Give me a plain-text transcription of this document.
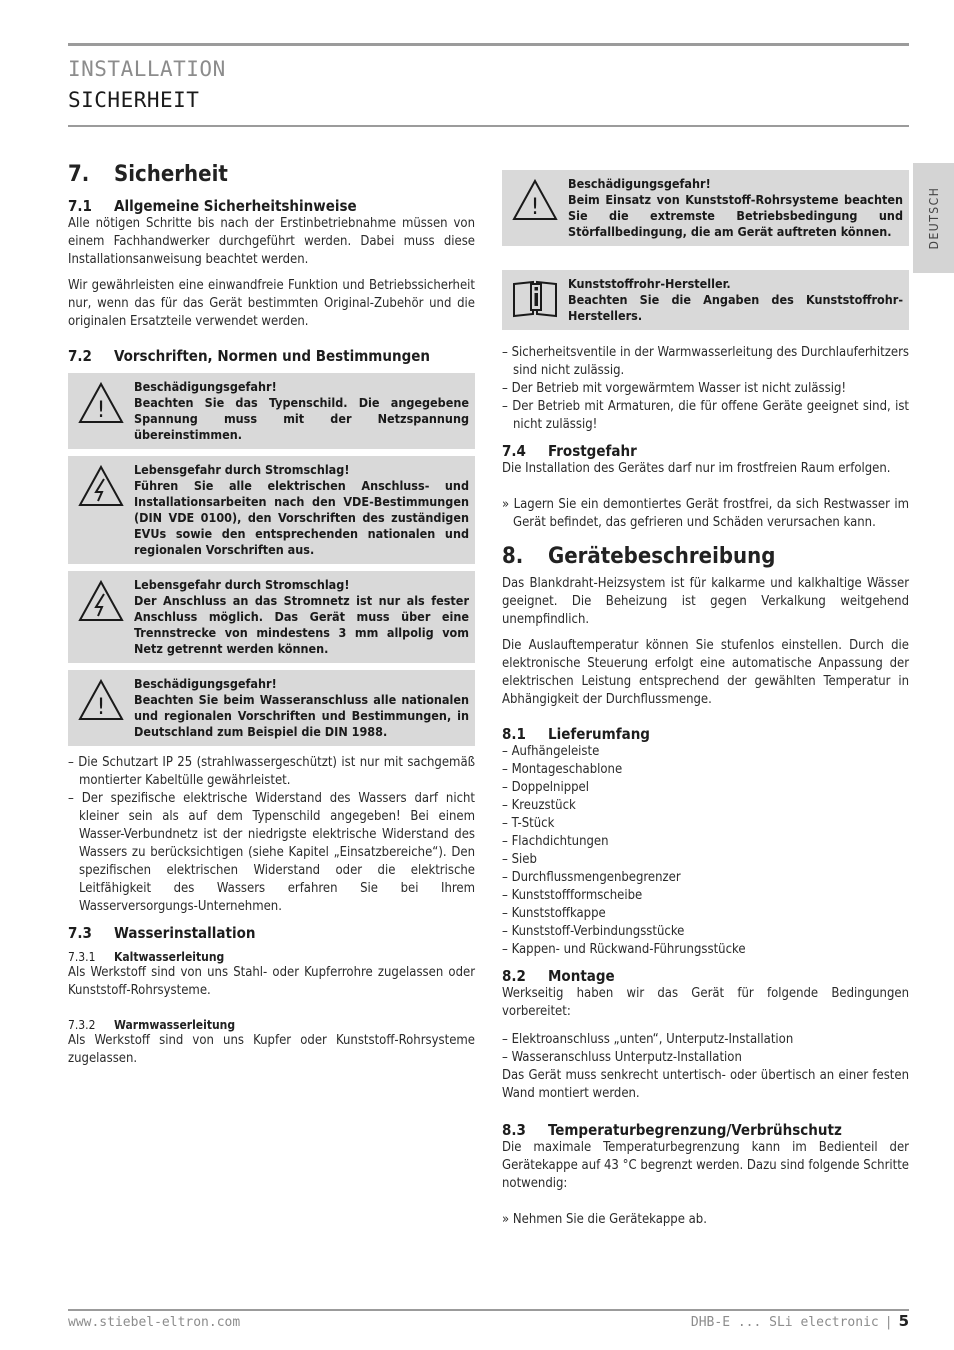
INSTALLATION
SICHERHEIT
DEUTSCH
7.	Sicherheit
7.1	Allgemeine Sicherheitshinweise

Alle nötigen Schritte bis nach der Erstinbetriebnahme müssen von einem Fachhandwerker durchgeführt werden. Dabei muss diese Installationsanweisung beachtet werden.

Wir gewährleisten eine einwandfreie Funktion und Betriebssicherheit nur, wenn das für das Gerät bestimmten Original-Zubehör und die originalen Ersatzteile verwendet werden.

7.2	Vorschriften, Normen und Bestimmungen
!
Beschädigungsgefahr!
Beachten Sie das Typenschild. Die angegebene Spannung muss mit der Netzspannung übereinstimmen.
Lebensgefahr durch Stromschlag!
Führen Sie alle elektrischen Anschluss- und Installationsarbeiten nach den VDE-Bestimmungen (DIN VDE 0100), den Vorschriften des zuständigen EVUs sowie den entsprechenden nationalen und regionalen Vorschriften aus.
Lebensgefahr durch Stromschlag!
Der Anschluss an das Stromnetz ist nur als fester Anschluss möglich. Das Gerät muss über eine Trennstrecke von mindestens 3 mm allpolig vom Netz getrennt werden können.
!
Beschädigungsgefahr!
Beachten Sie beim Wasseranschluss alle nationalen und regionalen Vorschriften und Bestimmungen, in Deutschland zum Beispiel die DIN 1988.
– Die Schutzart IP 25 (strahlwassergeschützt) ist nur mit sachgemäß montierter Kabeltülle gewährleistet.
– Der spezifische elektrische Widerstand des Wassers darf nicht kleiner sein als auf dem Typenschild angegeben! Bei einem Wasser-Verbundnetz ist der niedrigste elektrische Widerstand des Wassers zu berücksichtigen (siehe Kapitel „Einsatzbereiche“). Den spezifischen elektrischen Widerstand oder die elektrische Leitfähigkeit des Wassers erfahren Sie bei Ihrem Wasserversorgungs-Unternehmen.
7.3	Wasserinstallation
7.3.1	Kaltwasserleitung

Als Werkstoff sind von uns Stahl- oder Kupferrohre zugelassen oder Kunststoff-Rohrsysteme.

7.3.2	Warmwasserleitung

Als Werkstoff sind von uns Kupfer oder Kunststoff-Rohrsysteme zugelassen.

!
Beschädigungsgefahr!
Beim Einsatz von Kunststoff-Rohrsysteme beachten Sie die extremste Betriebsbedingung und Störfallbedingung, die am Gerät auftreten können.
Kunststoffrohr-Hersteller.
Beachten Sie die Angaben des Kunststoffrohr-Herstellers.
– Sicherheitsventile in der Warmwasserleitung des Durchlauferhitzers sind nicht zulässig.
– Der Betrieb mit vorgewärmtem Wasser ist nicht zulässig!
– Der Betrieb mit Armaturen, die für offene Geräte geeignet sind, ist nicht zulässig!
7.4	Frostgefahr

Die Installation des Gerätes darf nur im frostfreien Raum erfolgen.

» Lagern Sie ein demontiertes Gerät frostfrei, da sich Restwasser im Gerät befindet, das gefrieren und Schäden verursachen kann.

8.	Gerätebeschreibung

Das Blankdraht-Heizsystem ist für kalkarme und kalkhaltige Wässer geeignet. Die Beheizung ist gegen Verkalkung weitgehend unempfindlich.

Die Auslauftemperatur können Sie stufenlos einstellen. Durch die elektronische Steuerung erfolgt eine automatische Anpassung der elektrischen Leistung entsprechend der gewählten Temperatur in Abhängigkeit der Durchflussmenge.

8.1	Lieferumfang
– Aufhängeleiste
– Montageschablone
– Doppelnippel
– Kreuzstück
– T-Stück
– Flachdichtungen
– Sieb
– Durchflussmengenbegrenzer
– Kunststoffformscheibe
– Kunststoffkappe
– Kunststoff-Verbindungsstücke
– Kappen- und Rückwand-Führungsstücke
8.2	Montage

Werkseitig haben wir das Gerät für folgende Bedingungen vorbereitet:

– Elektroanschluss „unten“, Unterputz-Installation
– Wasseranschluss Unterputz-Installation

Das Gerät muss senkrecht untertisch- oder übertisch an einer festen Wand montiert werden.

8.3	Temperaturbegrenzung/Verbrühschutz

Die maximale Temperaturbegrenzung kann im Bedienteil der Gerätekappe auf 43 °C begrenzt werden. Dazu sind folgende Schritte notwendig:

» Nehmen Sie die Gerätekappe ab.

www.stiebel-eltron.com	DHB-E ... SLi electronic | 5
